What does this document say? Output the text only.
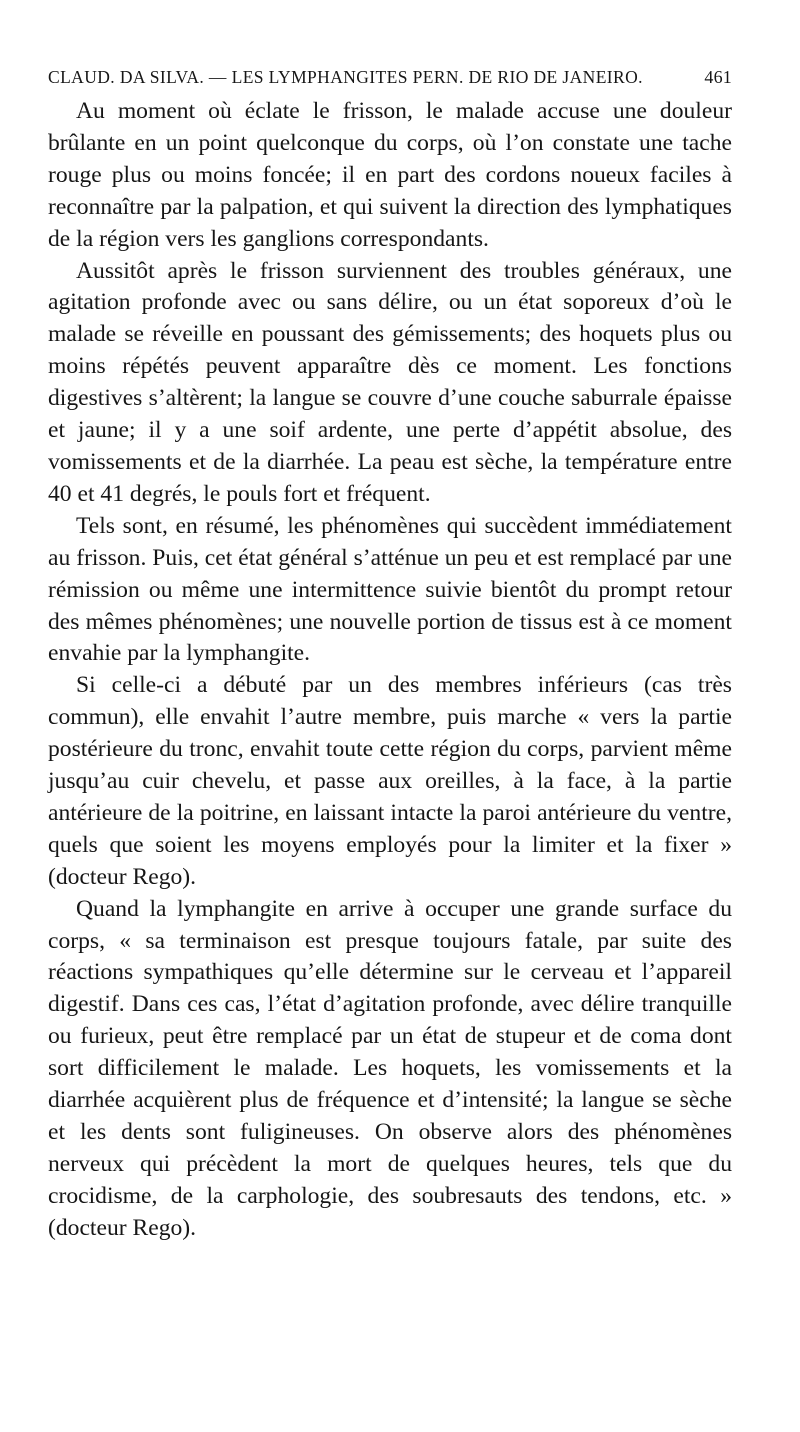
CLAUD. DA SILVA. — LES LYMPHANGITES PERN. DE RIO DE JANEIRO.	461

Au moment où éclate le frisson, le malade accuse une douleur brûlante en un point quelconque du corps, où l’on constate une tache rouge plus ou moins foncée; il en part des cordons noueux faciles à reconnaître par la palpation, et qui suivent la direction des lymphatiques de la région vers les ganglions correspondants.

Aussitôt après le frisson surviennent des troubles généraux, une agitation profonde avec ou sans délire, ou un état soporeux d’où le malade se réveille en poussant des gémissements; des hoquets plus ou moins répétés peuvent apparaître dès ce moment. Les fonctions digestives s’altèrent; la langue se couvre d’une couche saburrale épaisse et jaune; il y a une soif ardente, une perte d’appétit absolue, des vomissements et de la diarrhée. La peau est sèche, la température entre 40 et 41 degrés, le pouls fort et fréquent.

Tels sont, en résumé, les phénomènes qui succèdent immédiatement au frisson. Puis, cet état général s’atténue un peu et est remplacé par une rémission ou même une intermittence suivie bientôt du prompt retour des mêmes phénomènes; une nouvelle portion de tissus est à ce moment envahie par la lymphangite.

Si celle-ci a débuté par un des membres inférieurs (cas très commun), elle envahit l’autre membre, puis marche « vers la partie postérieure du tronc, envahit toute cette région du corps, parvient même jusqu’au cuir chevelu, et passe aux oreilles, à la face, à la partie antérieure de la poitrine, en laissant intacte la paroi antérieure du ventre, quels que soient les moyens employés pour la limiter et la fixer » (docteur Rego).

Quand la lymphangite en arrive à occuper une grande surface du corps, « sa terminaison est presque toujours fatale, par suite des réactions sympathiques qu’elle détermine sur le cerveau et l’appareil digestif. Dans ces cas, l’état d’agitation profonde, avec délire tranquille ou furieux, peut être remplacé par un état de stupeur et de coma dont sort difficilement le malade. Les hoquets, les vomissements et la diarrhée acquièrent plus de fréquence et d’intensité; la langue se sèche et les dents sont fuligineuses. On observe alors des phénomènes nerveux qui précèdent la mort de quelques heures, tels que du crocidisme, de la carphologie, des soubresauts des tendons, etc. » (docteur Rego).
